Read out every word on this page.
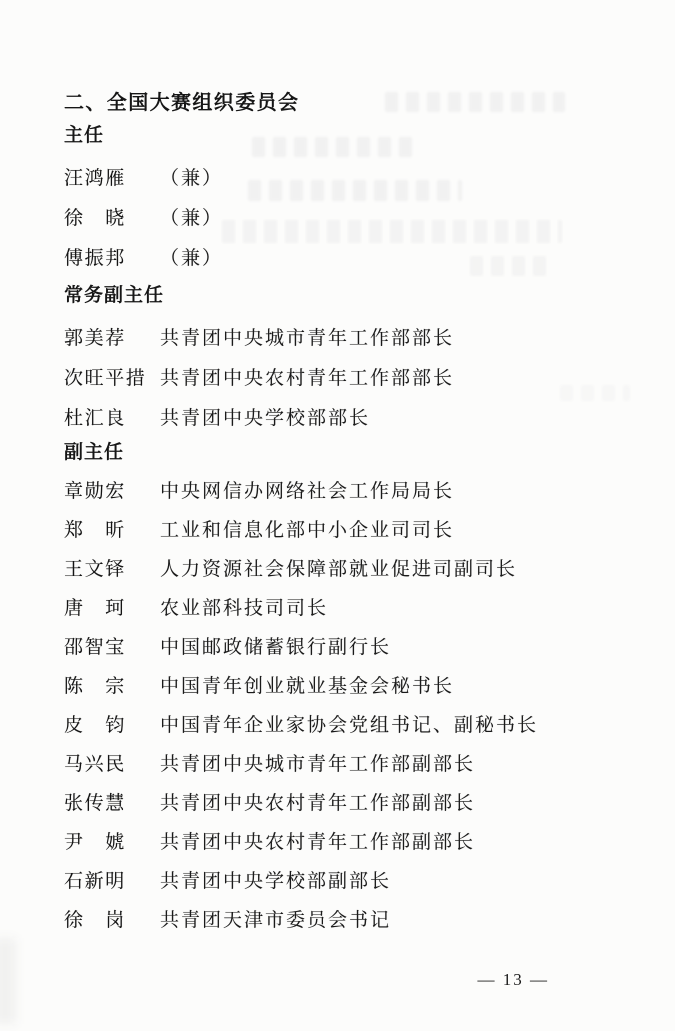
二、全国大赛组织委员会
主任
汪鸿雁	（兼）
徐　晓	（兼）
傅振邦	（兼）
常务副主任
郭美荐	共青团中央城市青年工作部部长
次旺平措 共青团中央农村青年工作部部长
杜汇良	共青团中央学校部部长
副主任
章勋宏	中央网信办网络社会工作局局长
郑　昕	工业和信息化部中小企业司司长
王文铎	人力资源社会保障部就业促进司副司长
唐　珂	农业部科技司司长
邵智宝	中国邮政储蓄银行副行长
陈　宗	中国青年创业就业基金会秘书长
皮　钧	中国青年企业家协会党组书记、副秘书长
马兴民	共青团中央城市青年工作部副部长
张传慧	共青团中央农村青年工作部副部长
尹　婋	共青团中央农村青年工作部副部长
石新明	共青团中央学校部副部长
徐　岗	共青团天津市委员会书记
— 13 —
